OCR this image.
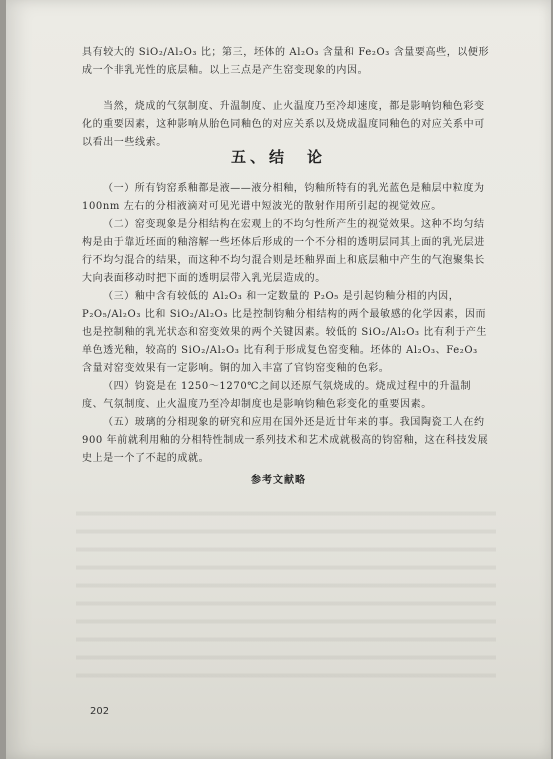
具有较大的 SiO₂/Al₂O₃ 比；第三，坯体的 Al₂O₃ 含量和 Fe₂O₃ 含量要高些，以便形成一个非乳光性的底层釉。以上三点是产生窑变现象的内因。

当然，烧成的气氛制度、升温制度、止火温度乃至冷却速度，都是影响钧釉色彩变化的重要因素，这种影响从胎色同釉色的对应关系以及烧成温度同釉色的对应关系中可以看出一些线索。

五、结　论

（一）所有钧窑系釉都是液——液分相釉，钧釉所特有的乳光蓝色是釉层中粒度为 100nm 左右的分相液滴对可见光谱中短波光的散射作用所引起的视觉效应。

（二）窑变现象是分相结构在宏观上的不均匀性所产生的视觉效果。这种不均匀结构是由于靠近坯面的釉溶解一些坯体后形成的一个不分相的透明层同其上面的乳光层进行不均匀混合的结果，而这种不均匀混合则是坯釉界面上和底层釉中产生的气泡聚集长大向表面移动时把下面的透明层带入乳光层造成的。

（三）釉中含有较低的 Al₂O₃ 和一定数量的 P₂O₅ 是引起钧釉分相的内因，P₂O₅/Al₂O₃ 比和 SiO₂/Al₂O₃ 比是控制钧釉分相结构的两个最敏感的化学因素，因而也是控制釉的乳光状态和窑变效果的两个关键因素。较低的 SiO₂/Al₂O₃ 比有利于产生单色透光釉，较高的 SiO₂/Al₂O₃ 比有利于形成复色窑变釉。坯体的 Al₂O₃、Fe₂O₃ 含量对窑变效果有一定影响。铜的加入丰富了官钧窑变釉的色彩。

（四）钧瓷是在 1250～1270℃之间以还原气氛烧成的。烧成过程中的升温制度、气氛制度、止火温度乃至冷却制度也是影响钧釉色彩变化的重要因素。

（五）玻璃的分相现象的研究和应用在国外还是近廿年来的事。我国陶瓷工人在约 900 年前就利用釉的分相特性制成一系列技术和艺术成就极高的钧窑釉，这在科技发展史上是一个了不起的成就。

参考文献略
202
